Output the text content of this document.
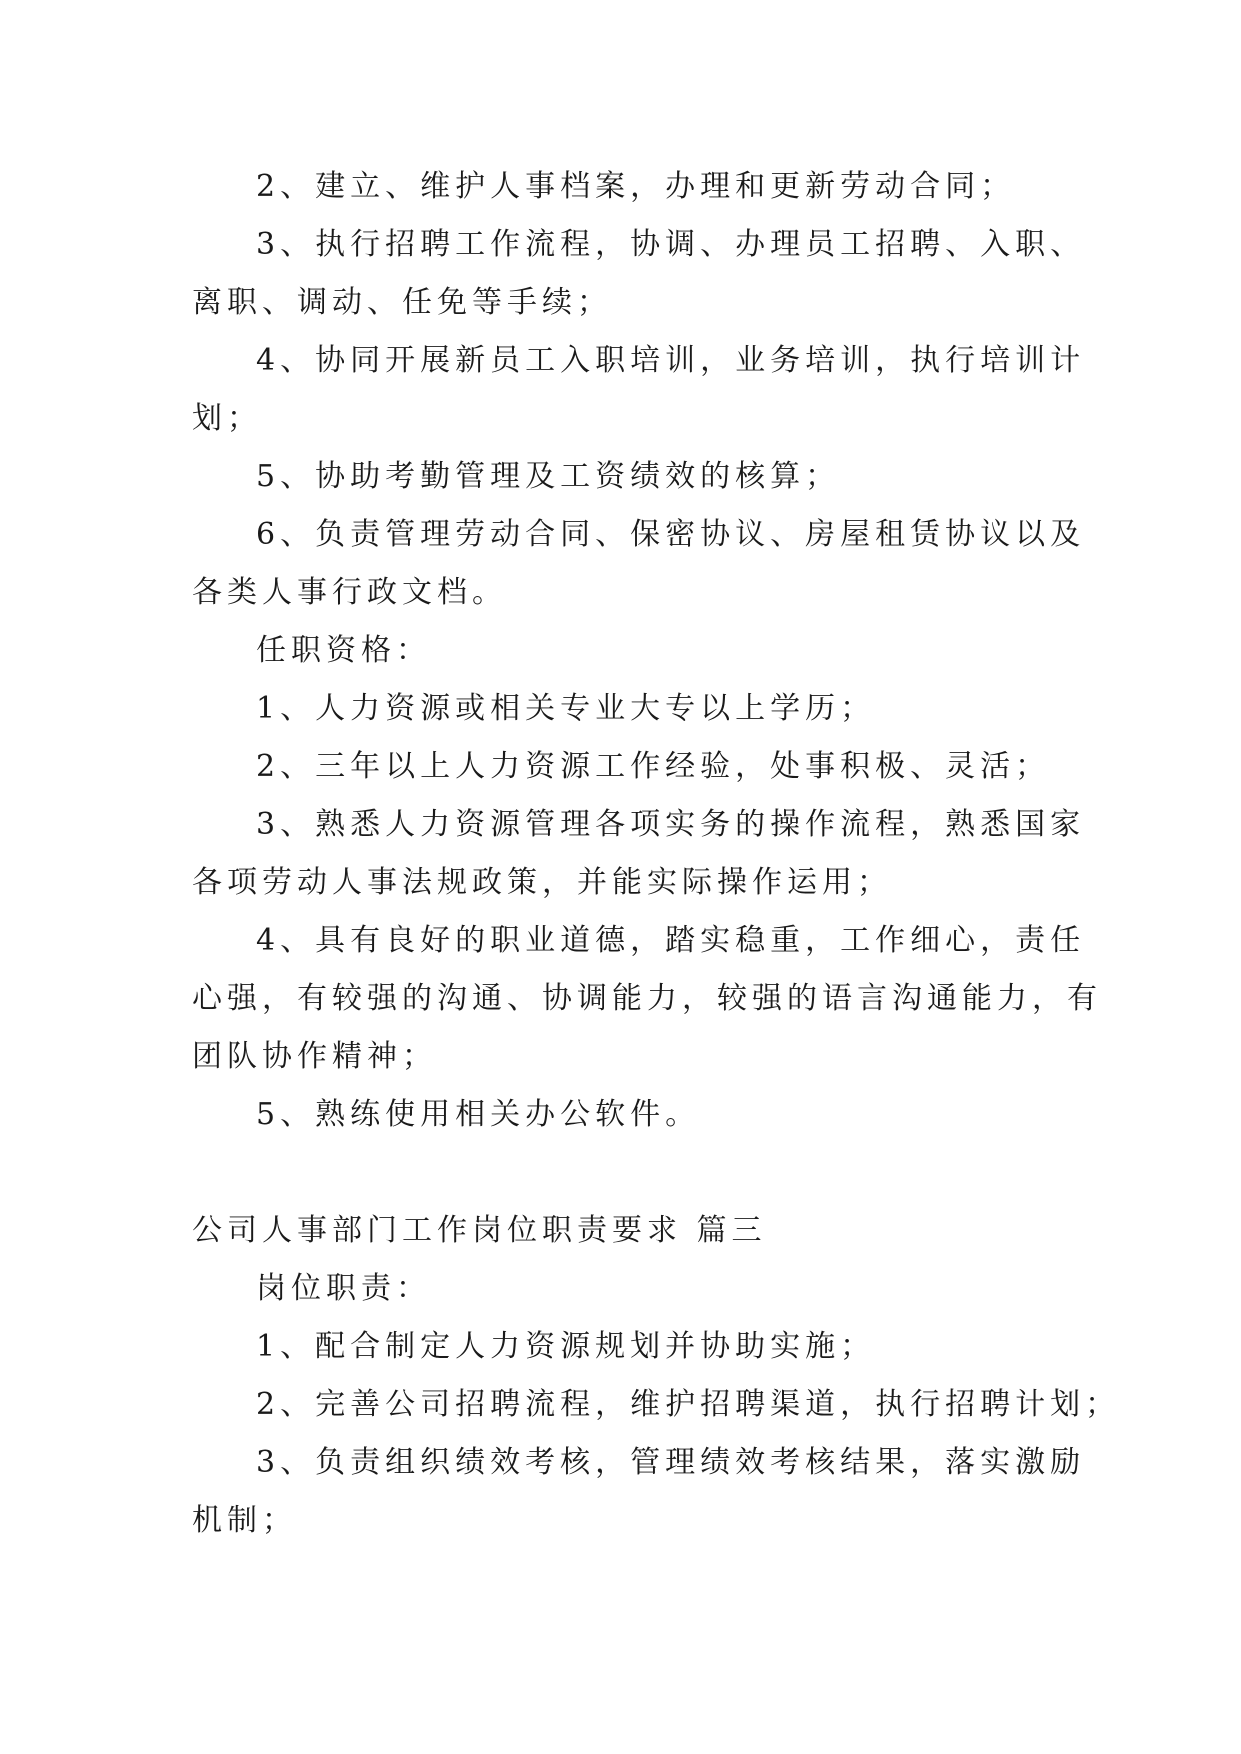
2、建立、维护人事档案，办理和更新劳动合同；

3、执行招聘工作流程，协调、办理员工招聘、入职、

离职、调动、任免等手续；

4、协同开展新员工入职培训，业务培训，执行培训计

划；

5、协助考勤管理及工资绩效的核算；

6、负责管理劳动合同、保密协议、房屋租赁协议以及

各类人事行政文档。

任职资格：

1、人力资源或相关专业大专以上学历；

2、三年以上人力资源工作经验，处事积极、灵活；

3、熟悉人力资源管理各项实务的操作流程，熟悉国家

各项劳动人事法规政策，并能实际操作运用；

4、具有良好的职业道德，踏实稳重，工作细心，责任

心强，有较强的沟通、协调能力，较强的语言沟通能力，有

团队协作精神；

5、熟练使用相关办公软件。

公司人事部门工作岗位职责要求 篇三

岗位职责：

1、配合制定人力资源规划并协助实施；

2、完善公司招聘流程，维护招聘渠道，执行招聘计划；

3、负责组织绩效考核，管理绩效考核结果，落实激励

机制；
